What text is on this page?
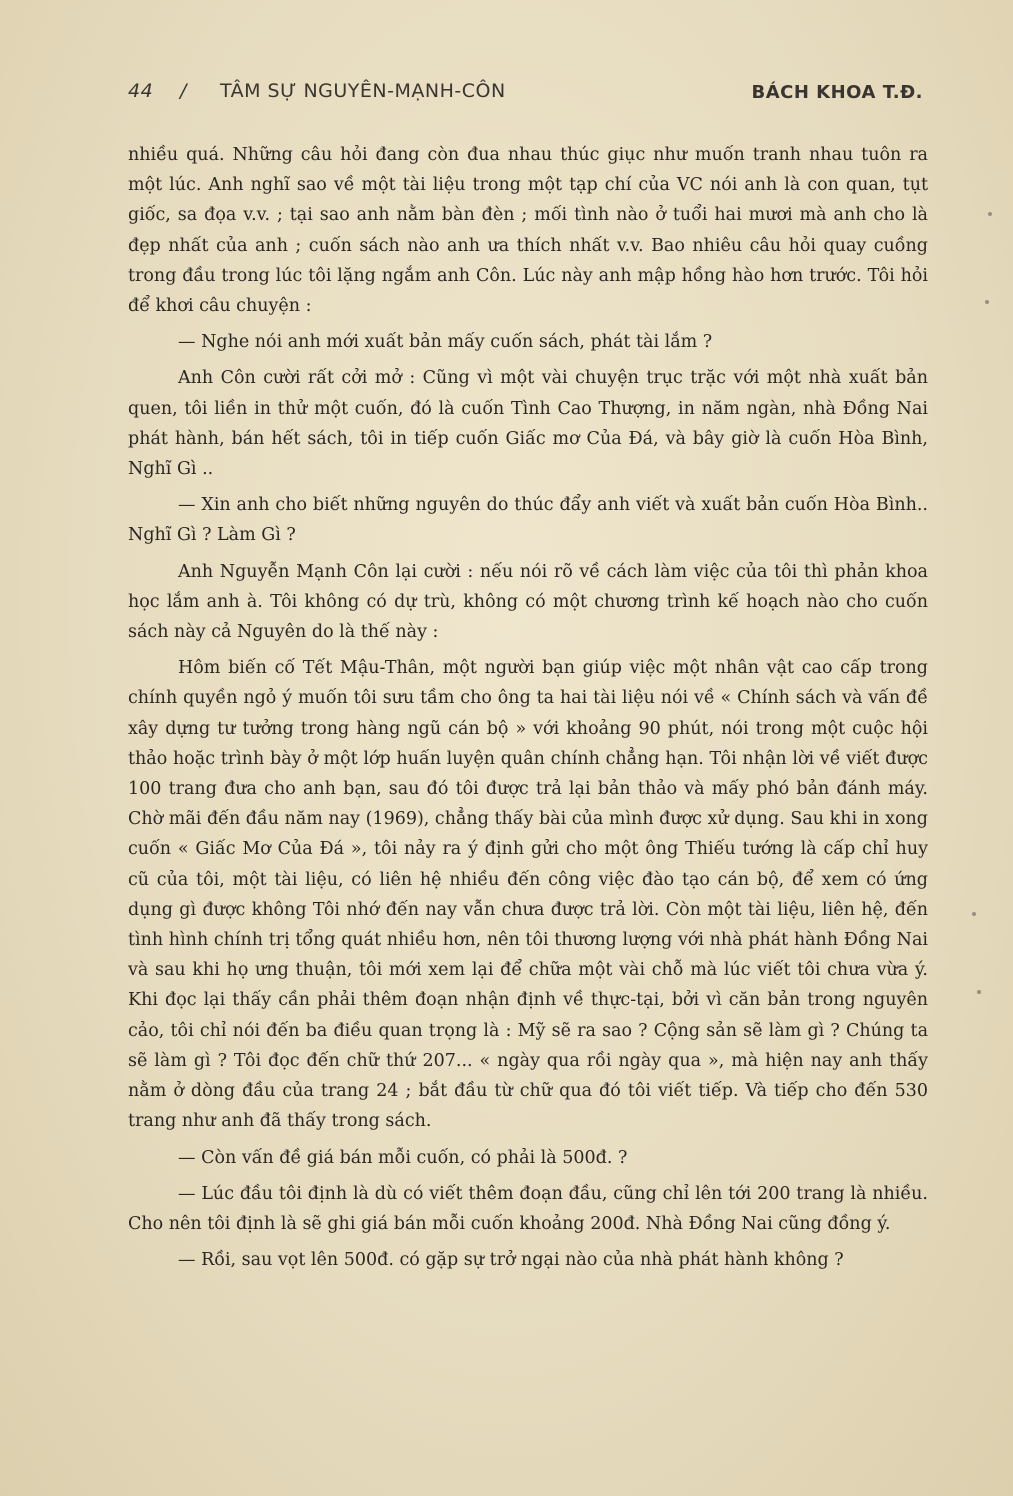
44 / TÂM SỰ NGUYÊN-MẠNH-CÔN	BÁCH KHOA T.Đ.

nhiều quá. Những câu hỏi đang còn đua nhau thúc giục như muốn tranh nhau tuôn ra một lúc. Anh nghĩ sao về một tài liệu trong một tạp chí của VC nói anh là con quan, tụt giốc, sa đọa v.v. ; tại sao anh nằm bàn đèn ; mối tình nào ở tuổi hai mươi mà anh cho là đẹp nhất của anh ; cuốn sách nào anh ưa thích nhất v.v. Bao nhiêu câu hỏi quay cuồng trong đầu trong lúc tôi lặng ngắm anh Côn. Lúc này anh mập hồng hào hơn trước. Tôi hỏi để khơi câu chuyện :

— Nghe nói anh mới xuất bản mấy cuốn sách, phát tài lắm ?

Anh Côn cười rất cởi mở : Cũng vì một vài chuyện trục trặc với một nhà xuất bản quen, tôi liền in thử một cuốn, đó là cuốn Tình Cao Thượng, in năm ngàn, nhà Đồng Nai phát hành, bán hết sách, tôi in tiếp cuốn Giấc mơ Của Đá, và bây giờ là cuốn Hòa Bình, Nghĩ Gì ..

— Xin anh cho biết những nguyên do thúc đẩy anh viết và xuất bản cuốn Hòa Bình.. Nghĩ Gì ? Làm Gì ?

Anh Nguyễn Mạnh Côn lại cười : nếu nói rõ về cách làm việc của tôi thì phản khoa học lắm anh à. Tôi không có dự trù, không có một chương trình kế hoạch nào cho cuốn sách này cả Nguyên do là thế này :

Hôm biến cố Tết Mậu-Thân, một người bạn giúp việc một nhân vật cao cấp trong chính quyền ngỏ ý muốn tôi sưu tầm cho ông ta hai tài liệu nói về « Chính sách và vấn đề xây dựng tư tưởng trong hàng ngũ cán bộ » với khoảng 90 phút, nói trong một cuộc hội thảo hoặc trình bày ở một lớp huấn luyện quân chính chẳng hạn. Tôi nhận lời về viết được 100 trang đưa cho anh bạn, sau đó tôi được trả lại bản thảo và mấy phó bản đánh máy. Chờ mãi đến đầu năm nay (1969), chẳng thấy bài của mình được xử dụng. Sau khi in xong cuốn « Giấc Mơ Của Đá », tôi nảy ra ý định gửi cho một ông Thiếu tướng là cấp chỉ huy cũ của tôi, một tài liệu, có liên hệ nhiều đến công việc đào tạo cán bộ, để xem có ứng dụng gì được không Tôi nhớ đến nay vẫn chưa được trả lời. Còn một tài liệu, liên hệ, đến tình hình chính trị tổng quát nhiều hơn, nên tôi thương lượng với nhà phát hành Đồng Nai và sau khi họ ưng thuận, tôi mới xem lại để chữa một vài chỗ mà lúc viết tôi chưa vừa ý. Khi đọc lại thấy cần phải thêm đoạn nhận định về thực-tại, bởi vì căn bản trong nguyên cảo, tôi chỉ nói đến ba điều quan trọng là : Mỹ sẽ ra sao ? Cộng sản sẽ làm gì ? Chúng ta sẽ làm gì ? Tôi đọc đến chữ thứ 207... « ngày qua rồi ngày qua », mà hiện nay anh thấy nằm ở dòng đầu của trang 24 ; bắt đầu từ chữ qua đó tôi viết tiếp. Và tiếp cho đến 530 trang như anh đã thấy trong sách.

— Còn vấn đề giá bán mỗi cuốn, có phải là 500đ. ?

— Lúc đầu tôi định là dù có viết thêm đoạn đầu, cũng chỉ lên tới 200 trang là nhiều. Cho nên tôi định là sẽ ghi giá bán mỗi cuốn khoảng 200đ. Nhà Đồng Nai cũng đồng ý.

— Rồi, sau vọt lên 500đ. có gặp sự trở ngại nào của nhà phát hành không ?
